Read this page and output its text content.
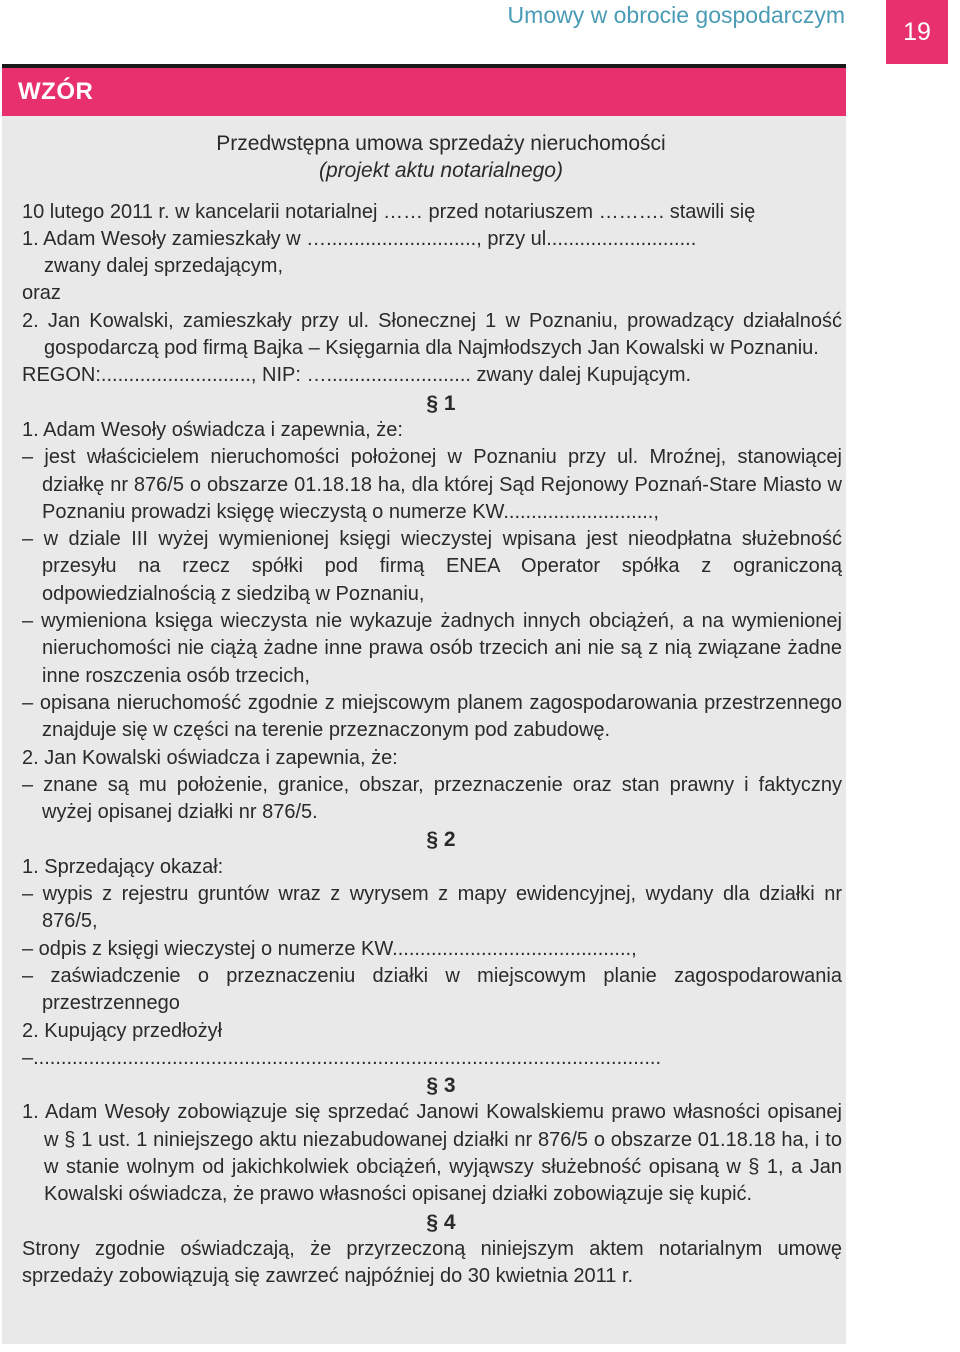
Umowy w obrocie gospodarczym
19
WZÓR

Przedwstępna umowa sprzedaży nieruchomości

(projekt aktu notarialnego)

10 lutego 2011 r. w kancelarii notarialnej …… przed notariuszem ………. stawili się

1. Adam Wesoły zamieszkały w …..........................., przy ul...........................

zwany dalej sprzedającym,

oraz

2. Jan Kowalski, zamieszkały przy ul. Słonecznej 1 w Poznaniu, prowadzący działalność gospodarczą pod firmą Bajka – Księgarnia dla Najmłodszych Jan Kowalski w Poznaniu.

REGON:..........................., NIP: ….......................... zwany dalej Kupującym.

§ 1

1. Adam Wesoły oświadcza i zapewnia, że:

– jest właścicielem nieruchomości położonej w Poznaniu przy ul. Mroźnej, stanowiącej działkę nr 876/5 o obszarze 01.18.18 ha, dla której Sąd Rejonowy Poznań-Stare Miasto w Poznaniu prowadzi księgę wieczystą o numerze KW...........................,

– w dziale III wyżej wymienionej księgi wieczystej wpisana jest nieodpłatna służebność przesyłu na rzecz spółki pod firmą ENEA Operator spółka z ograniczoną odpowiedzialnością z siedzibą w Poznaniu,

– wymieniona księga wieczysta nie wykazuje żadnych innych obciążeń, a na wymienionej nieruchomości nie ciążą żadne inne prawa osób trzecich ani nie są z nią związane żadne inne roszczenia osób trzecich,

– opisana nieruchomość zgodnie z miejscowym planem zagospodarowania przestrzennego znajduje się w części na terenie przeznaczonym pod zabudowę.

2. Jan Kowalski oświadcza i zapewnia, że:

– znane są mu położenie, granice, obszar, przeznaczenie oraz stan prawny i faktyczny wyżej opisanej działki nr 876/5.

§ 2

1. Sprzedający okazał:

– wypis z rejestru gruntów wraz z wyrysem z mapy ewidencyjnej, wydany dla działki nr 876/5,

– odpis z księgi wieczystej o numerze KW...........................................,

– zaświadczenie o przeznaczeniu działki w miejscowym planie zagospodarowania przestrzennego

2. Kupujący przedłożył

–.................................................................................................................

§ 3

1. Adam Wesoły zobowiązuje się sprzedać Janowi Kowalskiemu prawo własności opisanej w § 1 ust. 1 niniejszego aktu niezabudowanej działki nr 876/5 o obszarze 01.18.18 ha, i to w stanie wolnym od jakichkolwiek obciążeń, wyjąwszy służebność opisaną w § 1, a Jan Kowalski oświadcza, że prawo własności opisanej działki zobowiązuje się kupić.

§ 4

Strony zgodnie oświadczają, że przyrzeczoną niniejszym aktem notarialnym umowę sprzedaży zobowiązują się zawrzeć najpóźniej do 30 kwietnia 2011 r.
